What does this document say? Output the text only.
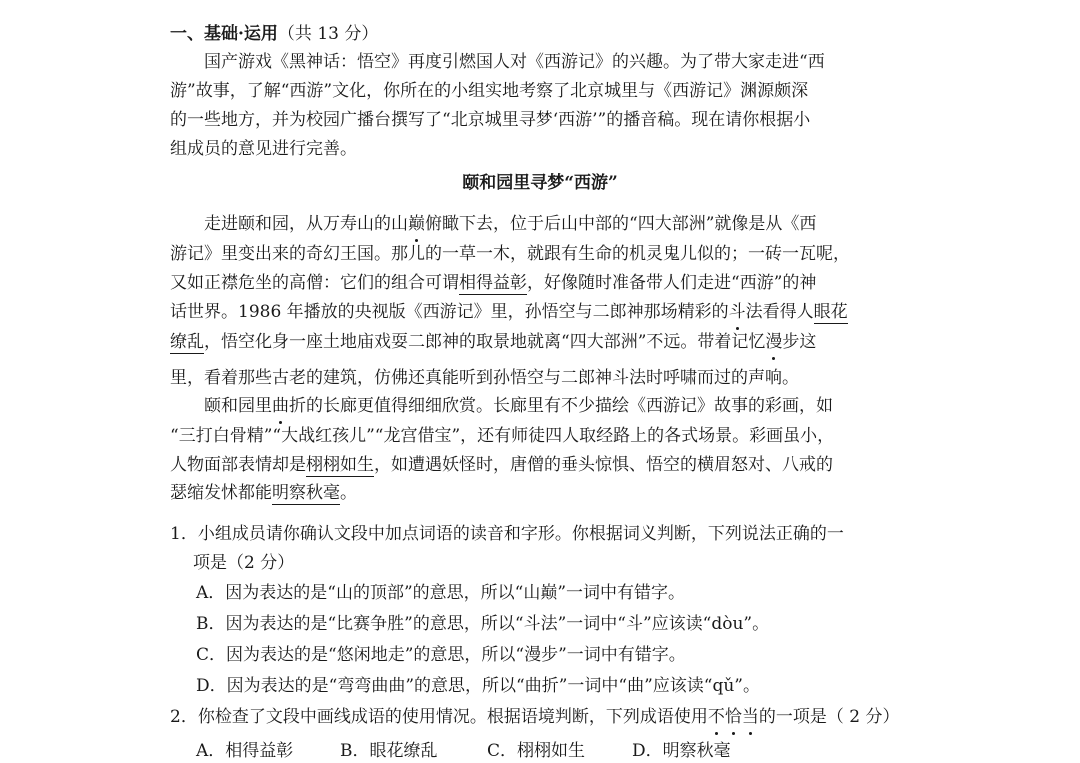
一、基础·运用（共 13 分）
国产游戏《黑神话：悟空》再度引燃国人对《西游记》的兴趣。为了带大家走进“西
游”故事，了解“西游”文化，你所在的小组实地考察了北京城里与《西游记》渊源颇深
的一些地方，并为校园广播台撰写了“北京城里寻梦‘西游’”的播音稿。现在请你根据小
组成员的意见进行完善。
颐和园里寻梦“西游”
走进颐和园，从万寿山的山巅俯瞰下去，位于后山中部的“四大部洲”就像是从《西
游记》里变出来的奇幻王国。那儿的一草一木，就跟有生命的机灵鬼儿似的；一砖一瓦呢，
又如正襟危坐的高僧：它们的组合可谓相得益彰，好像随时准备带人们走进“西游”的神
话世界。1986 年播放的央视版《西游记》里，孙悟空与二郎神那场精彩的斗法看得人眼花
缭乱，悟空化身一座土地庙戏耍二郎神的取景地就离“四大部洲”不远。带着记忆漫步这
里，看着那些古老的建筑，仿佛还真能听到孙悟空与二郎神斗法时呼啸而过的声响。
颐和园里曲折的长廊更值得细细欣赏。长廊里有不少描绘《西游记》故事的彩画，如
“三打白骨精”“大战红孩儿”“龙宫借宝”，还有师徒四人取经路上的各式场景。彩画虽小，
人物面部表情却是栩栩如生，如遭遇妖怪时，唐僧的垂头惊惧、悟空的横眉怒对、八戒的
瑟缩发怵都能明察秋毫。
1．小组成员请你确认文段中加点词语的读音和字形。你根据词义判断，下列说法正确的一
项是（2 分）
A．因为表达的是“山的顶部”的意思，所以“山巅”一词中有错字。
B．因为表达的是“比赛争胜”的意思，所以“斗法”一词中“斗”应该读“dòu”。
C．因为表达的是“悠闲地走”的意思，所以“漫步”一词中有错字。
D．因为表达的是“弯弯曲曲”的意思，所以“曲折”一词中“曲”应该读“qǔ”。
2．你检查了文段中画线成语的使用情况。根据语境判断，下列成语使用不恰当的一项是（ 2 分）
A．相得益彰	B．眼花缭乱	C．栩栩如生	D．明察秋毫
